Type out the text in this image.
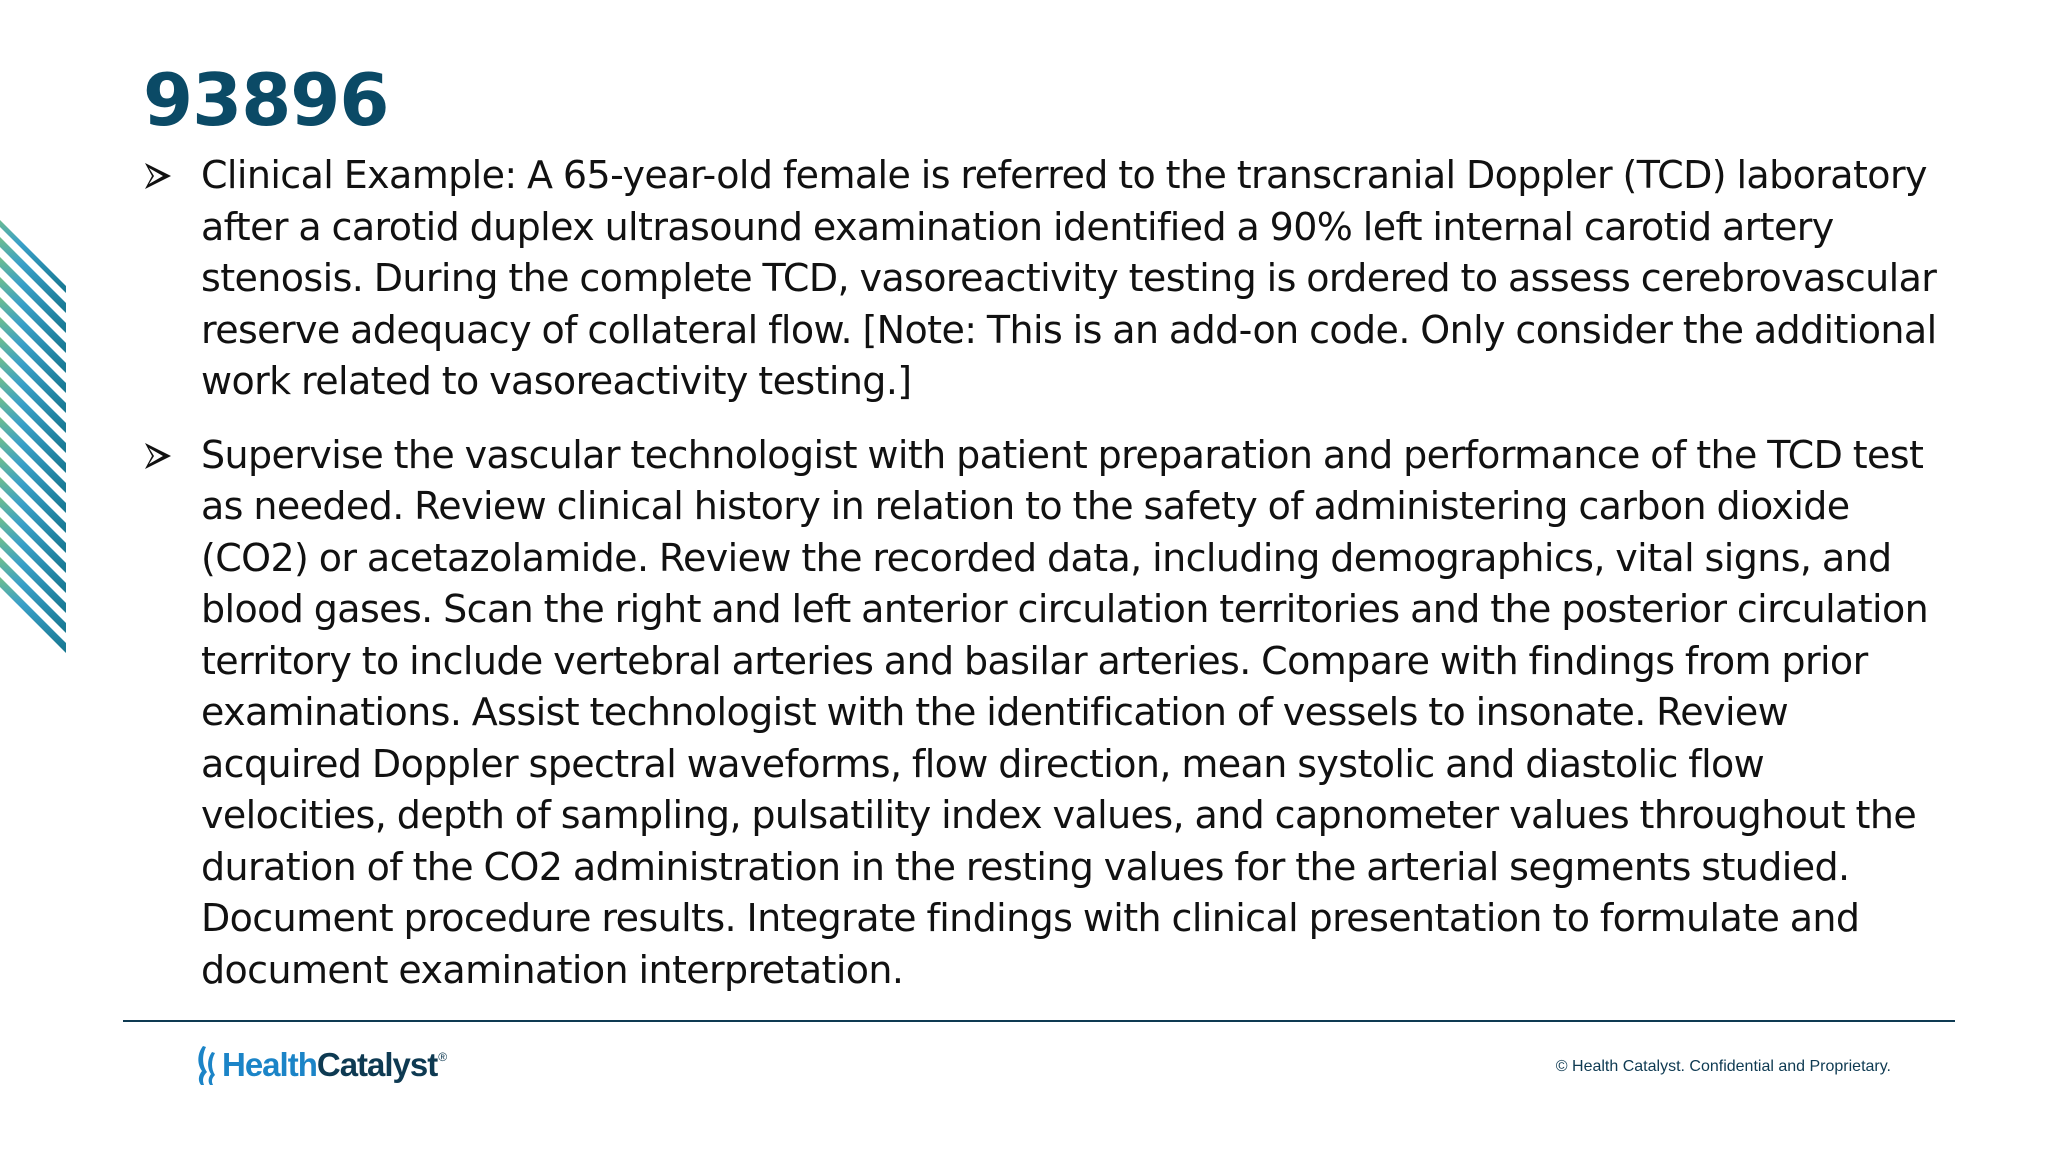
93896
Clinical Example: A 65-year-old female is referred to the transcranial Doppler (TCD) laboratory after a carotid duplex ultrasound examination identified a 90% left internal carotid artery stenosis. During the complete TCD, vasoreactivity testing is ordered to assess cerebrovascular reserve adequacy of collateral flow. [Note: This is an add-on code. Only consider the additional work related to vasoreactivity testing.]
Supervise the vascular technologist with patient preparation and performance of the TCD test as needed. Review clinical history in relation to the safety of administering carbon dioxide (CO2) or acetazolamide. Review the recorded data, including demographics, vital signs, and blood gases. Scan the right and left anterior circulation territories and the posterior circulation territory to include vertebral arteries and basilar arteries. Compare with findings from prior examinations. Assist technologist with the identification of vessels to insonate. Review acquired Doppler spectral waveforms, flow direction, mean systolic and diastolic flow velocities, depth of sampling, pulsatility index values, and capnometer values throughout the duration of the CO2 administration in the resting values for the arterial segments studied. Document procedure results. Integrate findings with clinical presentation to formulate and document examination interpretation.
Health Catalyst ®
© Health Catalyst. Confidential and Proprietary.
